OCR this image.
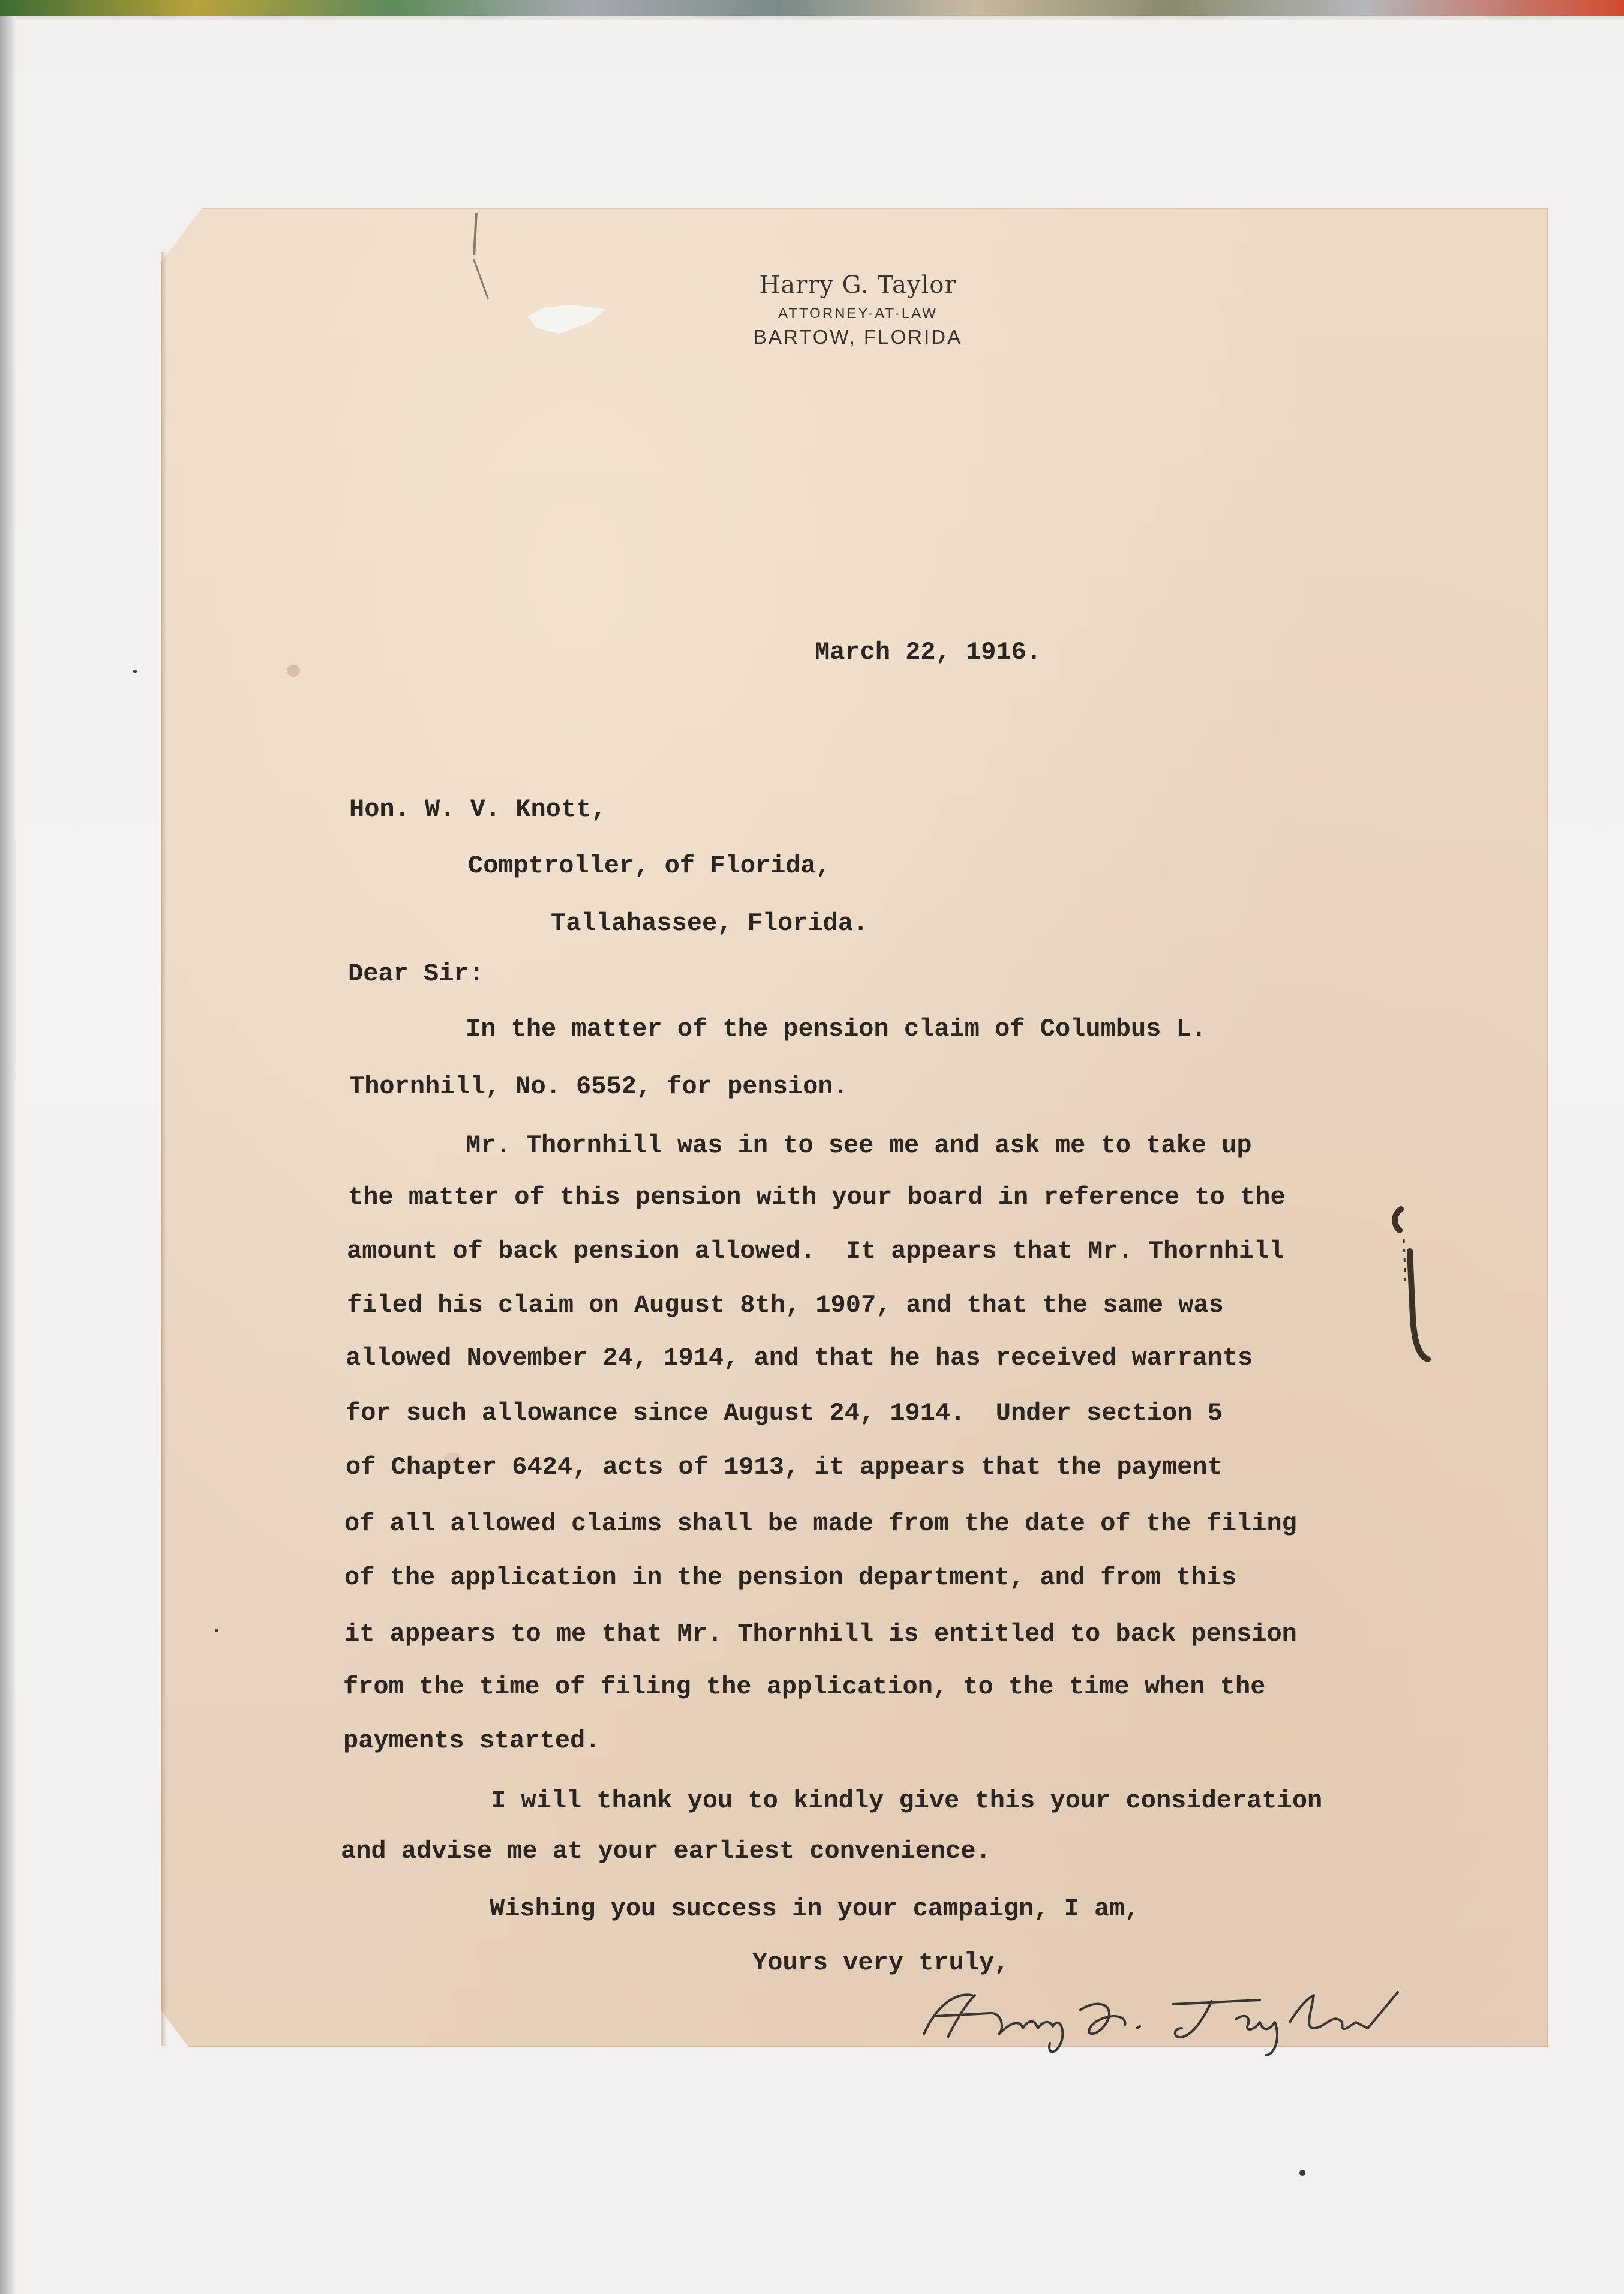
Harry G. Taylor
ATTORNEY-AT-LAW
BARTOW, FLORIDA
March 22, 1916.
Hon. W. V. Knott,
Comptroller, of Florida,
Tallahassee, Florida.
Dear Sir:
In the matter of the pension claim of Columbus L.
Thornhill, No. 6552, for pension.
Mr. Thornhill was in to see me and ask me to take up
the matter of this pension with your board in reference to the
amount of back pension allowed.  It appears that Mr. Thornhill
filed his claim on August 8th, 1907, and that the same was
allowed November 24, 1914, and that he has received warrants
for such allowance since August 24, 1914.  Under section 5
of Chapter 6424, acts of 1913, it appears that the payment
of all allowed claims shall be made from the date of the filing
of the application in the pension department, and from this
it appears to me that Mr. Thornhill is entitled to back pension
from the time of filing the application, to the time when the
payments started.
I will thank you to kindly give this your consideration
and advise me at your earliest convenience.
Wishing you success in your campaign, I am,
Yours very truly,
